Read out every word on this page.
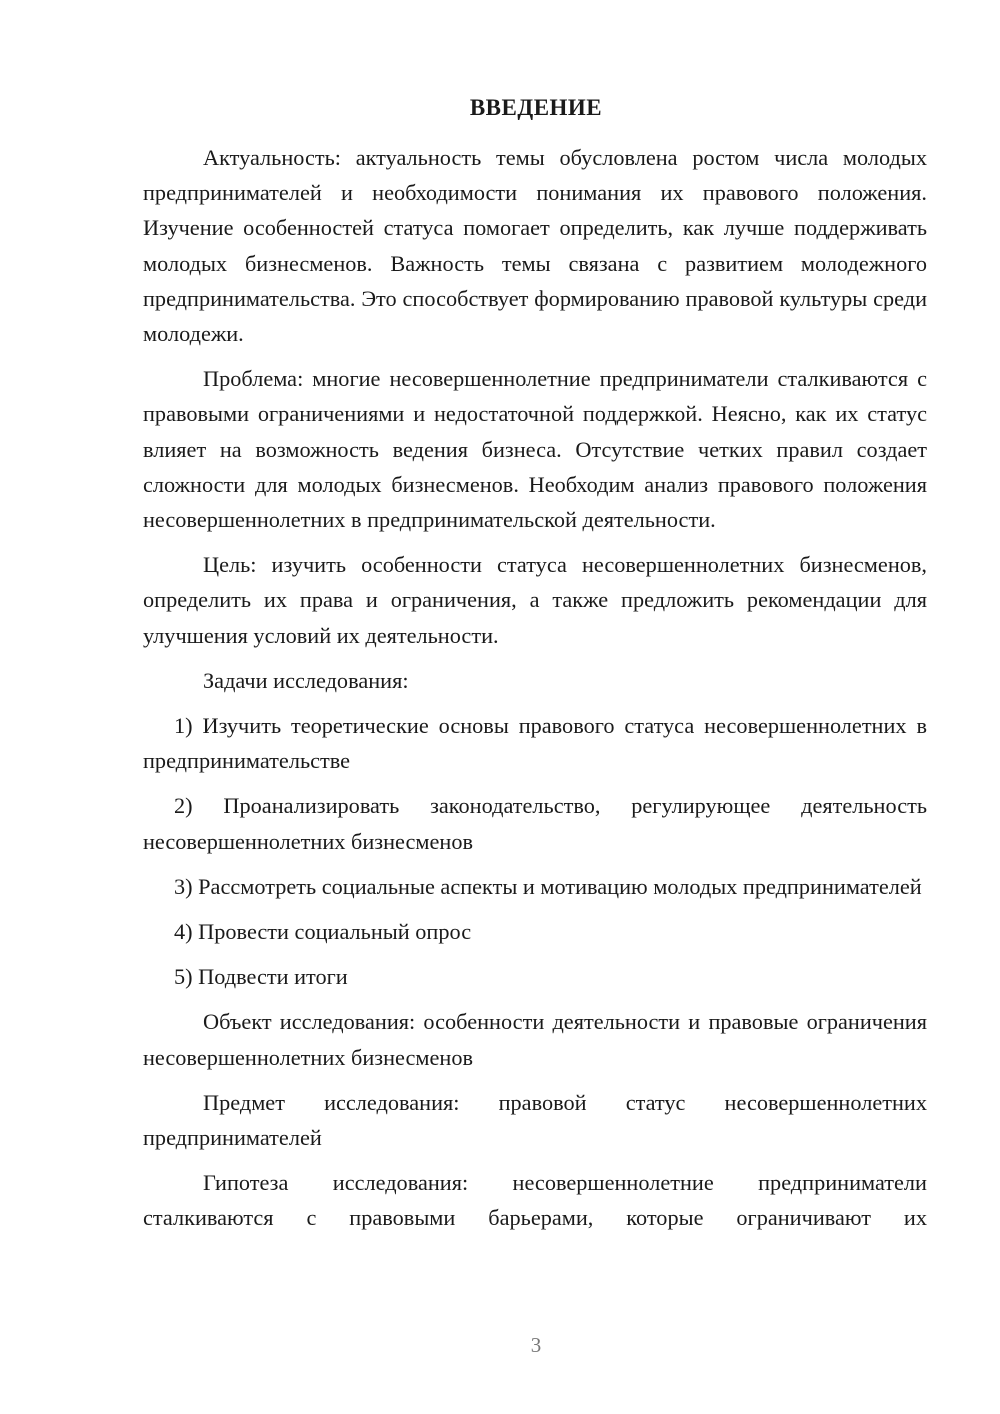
ВВЕДЕНИЕ

Актуальность: актуальность темы обусловлена ростом числа молодых предпринимателей и необходимости понимания их правового положения. Изучение особенностей статуса помогает определить, как лучше поддерживать молодых бизнесменов. Важность темы связана с развитием молодежного предпринимательства. Это способствует формированию правовой культуры среди молодежи.

Проблема: многие несовершеннолетние предприниматели сталкиваются с правовыми ограничениями и недостаточной поддержкой. Неясно, как их статус влияет на возможность ведения бизнеса. Отсутствие четких правил создает сложности для молодых бизнесменов. Необходим анализ правового положения несовершеннолетних в предпринимательской деятельности.

Цель: изучить особенности статуса несовершеннолетних бизнесменов, определить их права и ограничения, а также предложить рекомендации для улучшения условий их деятельности.

Задачи исследования:

1) Изучить теоретические основы правового статуса несовершеннолетних в предпринимательстве

2) Проанализировать законодательство, регулирующее деятельность несовершеннолетних бизнесменов

3) Рассмотреть социальные аспекты и мотивацию молодых предпринимателей

4) Провести социальный опрос

5) Подвести итоги

Объект исследования: особенности деятельности и правовые ограничения несовершеннолетних бизнесменов

Предмет исследования: правовой статус несовершеннолетних предпринимателей

Гипотеза исследования: несовершеннолетние предприниматели сталкиваются с правовыми барьерами, которые ограничивают их

3
